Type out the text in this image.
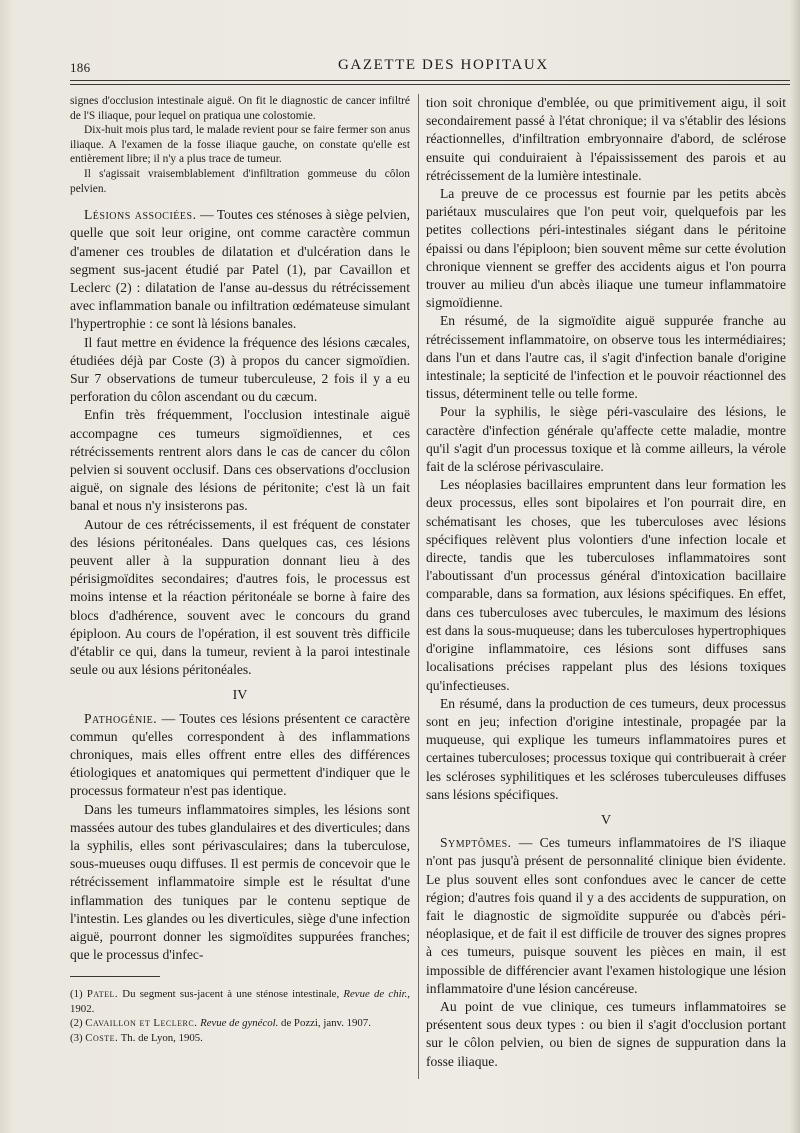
186	GAZETTE DES HOPITAUX

signes d'occlusion intestinale aiguë. On fit le diagnostic de cancer infiltré de l'S iliaque, pour lequel on pratiqua une colostomie.

Dix-huit mois plus tard, le malade revient pour se faire fermer son anus iliaque. A l'examen de la fosse iliaque gauche, on constate qu'elle est entièrement libre; il n'y a plus trace de tumeur.

Il s'agissait vraisemblablement d'infiltration gommeuse du côlon pelvien.

Lésions associées. — Toutes ces sténoses à siège pelvien, quelle que soit leur origine, ont comme caractère commun d'amener ces troubles de dilatation et d'ulcération dans le segment sus-jacent étudié par Patel (1), par Cavaillon et Leclerc (2) : dilatation de l'anse au-dessus du rétrécissement avec inflammation banale ou infiltration œdémateuse simulant l'hypertrophie : ce sont là lésions banales.

Il faut mettre en évidence la fréquence des lésions cæcales, étudiées déjà par Coste (3) à propos du cancer sigmoïdien. Sur 7 observations de tumeur tuberculeuse, 2 fois il y a eu perforation du côlon ascendant ou du cæcum.

Enfin très fréquemment, l'occlusion intestinale aiguë accompagne ces tumeurs sigmoïdiennes, et ces rétrécissements rentrent alors dans le cas de cancer du côlon pelvien si souvent occlusif. Dans ces observations d'occlusion aiguë, on signale des lésions de péritonite; c'est là un fait banal et nous n'y insisterons pas.

Autour de ces rétrécissements, il est fréquent de constater des lésions péritonéales. Dans quelques cas, ces lésions peuvent aller à la suppuration donnant lieu à des périsigmoïdites secondaires; d'autres fois, le processus est moins intense et la réaction péritonéale se borne à faire des blocs d'adhérence, souvent avec le concours du grand épiploon. Au cours de l'opération, il est souvent très difficile d'établir ce qui, dans la tumeur, revient à la paroi intestinale seule ou aux lésions péritonéales.

IV

Pathogénie. — Toutes ces lésions présentent ce caractère commun qu'elles correspondent à des inflammations chroniques, mais elles offrent entre elles des différences étiologiques et anatomiques qui permettent d'indiquer que le processus formateur n'est pas identique.

Dans les tumeurs inflammatoires simples, les lésions sont massées autour des tubes glandulaires et des diverticules; dans la syphilis, elles sont périvasculaires; dans la tuberculose, sous-mueuses ouqu diffuses. Il est permis de concevoir que le rétrécissement inflammatoire simple est le résultat d'une inflammation des tuniques par le contenu septique de l'intestin. Les glandes ou les diverticules, siège d'une infection aiguë, pourront donner les sigmoïdites suppurées franches; que le processus d'infec-

(1) Patel. Du segment sus-jacent à une sténose intestinale, Revue de chir., 1902.

(2) Cavaillon et Leclerc. Revue de gynécol. de Pozzi, janv. 1907.

(3) Coste. Th. de Lyon, 1905.

tion soit chronique d'emblée, ou que primitivement aigu, il soit secondairement passé à l'état chronique; il va s'établir des lésions réactionnelles, d'infiltration embryonnaire d'abord, de sclérose ensuite qui conduiraient à l'épaississement des parois et au rétrécissement de la lumière intestinale.

La preuve de ce processus est fournie par les petits abcès pariétaux musculaires que l'on peut voir, quelquefois par les petites collections péri-intestinales siégant dans le péritoine épaissi ou dans l'épiploon; bien souvent même sur cette évolution chronique viennent se greffer des accidents aigus et l'on pourra trouver au milieu d'un abcès iliaque une tumeur inflammatoire sigmoïdienne.

En résumé, de la sigmoïdite aiguë suppurée franche au rétrécissement inflammatoire, on observe tous les intermédiaires; dans l'un et dans l'autre cas, il s'agit d'infection banale d'origine intestinale; la septicité de l'infection et le pouvoir réactionnel des tissus, déterminent telle ou telle forme.

Pour la syphilis, le siège péri-vasculaire des lésions, le caractère d'infection générale qu'affecte cette maladie, montre qu'il s'agit d'un processus toxique et là comme ailleurs, la vérole fait de la sclérose périvasculaire.

Les néoplasies bacillaires empruntent dans leur formation les deux processus, elles sont bipolaires et l'on pourrait dire, en schématisant les choses, que les tuberculoses avec lésions spécifiques relèvent plus volontiers d'une infection locale et directe, tandis que les tuberculoses inflammatoires sont l'aboutissant d'un processus général d'intoxication bacillaire comparable, dans sa formation, aux lésions spécifiques. En effet, dans ces tuberculoses avec tubercules, le maximum des lésions est dans la sous-muqueuse; dans les tuberculoses hypertrophiques d'origine inflammatoire, ces lésions sont diffuses sans localisations précises rappelant plus des lésions toxiques qu'infectieuses.

En résumé, dans la production de ces tumeurs, deux processus sont en jeu; infection d'origine intestinale, propagée par la muqueuse, qui explique les tumeurs inflammatoires pures et certaines tuberculoses; processus toxique qui contribuerait à créer les scléroses syphilitiques et les scléroses tuberculeuses diffuses sans lésions spécifiques.

V

Symptômes. — Ces tumeurs inflammatoires de l'S iliaque n'ont pas jusqu'à présent de personnalité clinique bien évidente. Le plus souvent elles sont confondues avec le cancer de cette région; d'autres fois quand il y a des accidents de suppuration, on fait le diagnostic de sigmoïdite suppurée ou d'abcès péri-néoplasique, et de fait il est difficile de trouver des signes propres à ces tumeurs, puisque souvent les pièces en main, il est impossible de différencier avant l'examen histologique une lésion inflammatoire d'une lésion cancéreuse.

Au point de vue clinique, ces tumeurs inflammatoires se présentent sous deux types : ou bien il s'agit d'occlusion portant sur le côlon pelvien, ou bien de signes de suppuration dans la fosse iliaque.
